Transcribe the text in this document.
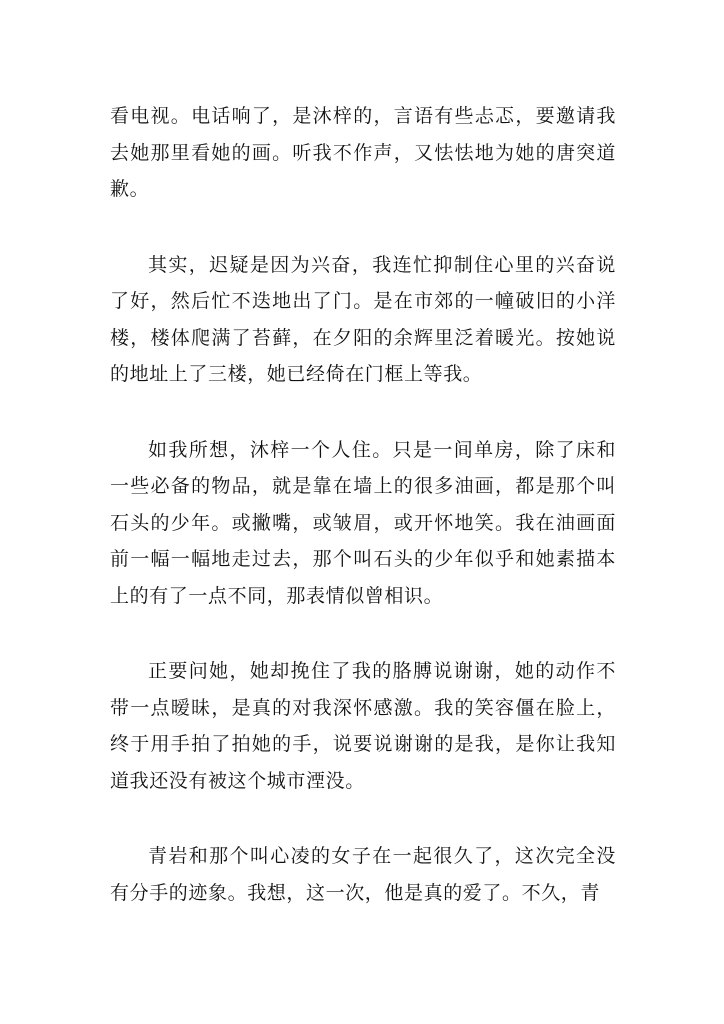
看电视。电话响了，是沐梓的，言语有些忐忑，要邀请我去她那里看她的画。听我不作声，又怯怯地为她的唐突道歉。

其实，迟疑是因为兴奋，我连忙抑制住心里的兴奋说了好，然后忙不迭地出了门。是在市郊的一幢破旧的小洋楼，楼体爬满了苔藓，在夕阳的余辉里泛着暖光。按她说的地址上了三楼，她已经倚在门框上等我。

如我所想，沐梓一个人住。只是一间单房，除了床和一些必备的物品，就是靠在墙上的很多油画，都是那个叫石头的少年。或撇嘴，或皱眉，或开怀地笑。我在油画面前一幅一幅地走过去，那个叫石头的少年似乎和她素描本上的有了一点不同，那表情似曾相识。

正要问她，她却挽住了我的胳膊说谢谢，她的动作不带一点暧昧，是真的对我深怀感激。我的笑容僵在脸上，终于用手拍了拍她的手，说要说谢谢的是我，是你让我知道我还没有被这个城市湮没。

青岩和那个叫心凌的女子在一起很久了，这次完全没有分手的迹象。我想，这一次，他是真的爱了。不久，青
